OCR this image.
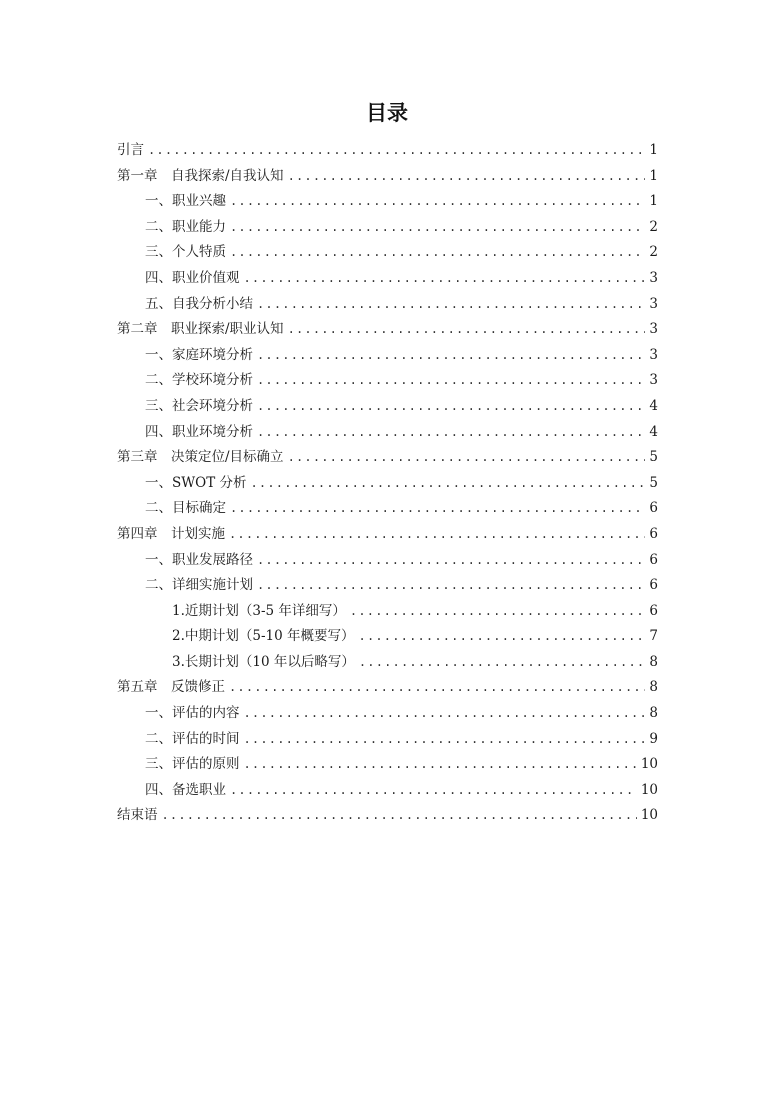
目录
引言 .....	1
第一章　自我探索/自我认知 .....	1
一、职业兴趣 .....	1
二、职业能力 .....	2
三、个人特质 .....	2
四、职业价值观 .....	3
五、自我分析小结 .....	3
第二章　职业探索/职业认知 .....	3
一、家庭环境分析 .....	3
二、学校环境分析 .....	3
三、社会环境分析 .....	4
四、职业环境分析 .....	4
第三章　决策定位/目标确立 .....	5
一、SWOT 分析 .....	5
二、目标确定 .....	6
第四章　计划实施 .....	6
一、职业发展路径 .....	6
二、详细实施计划 .....	6
1.近期计划（3-5 年详细写） .....	6
2.中期计划（5-10 年概要写） .....	7
3.长期计划（10 年以后略写） .....	8
第五章　反馈修正 .....	8
一、评估的内容 .....	8
二、评估的时间 .....	9
三、评估的原则 .....	10
四、备选职业 .....	10
结束语 .....	10
